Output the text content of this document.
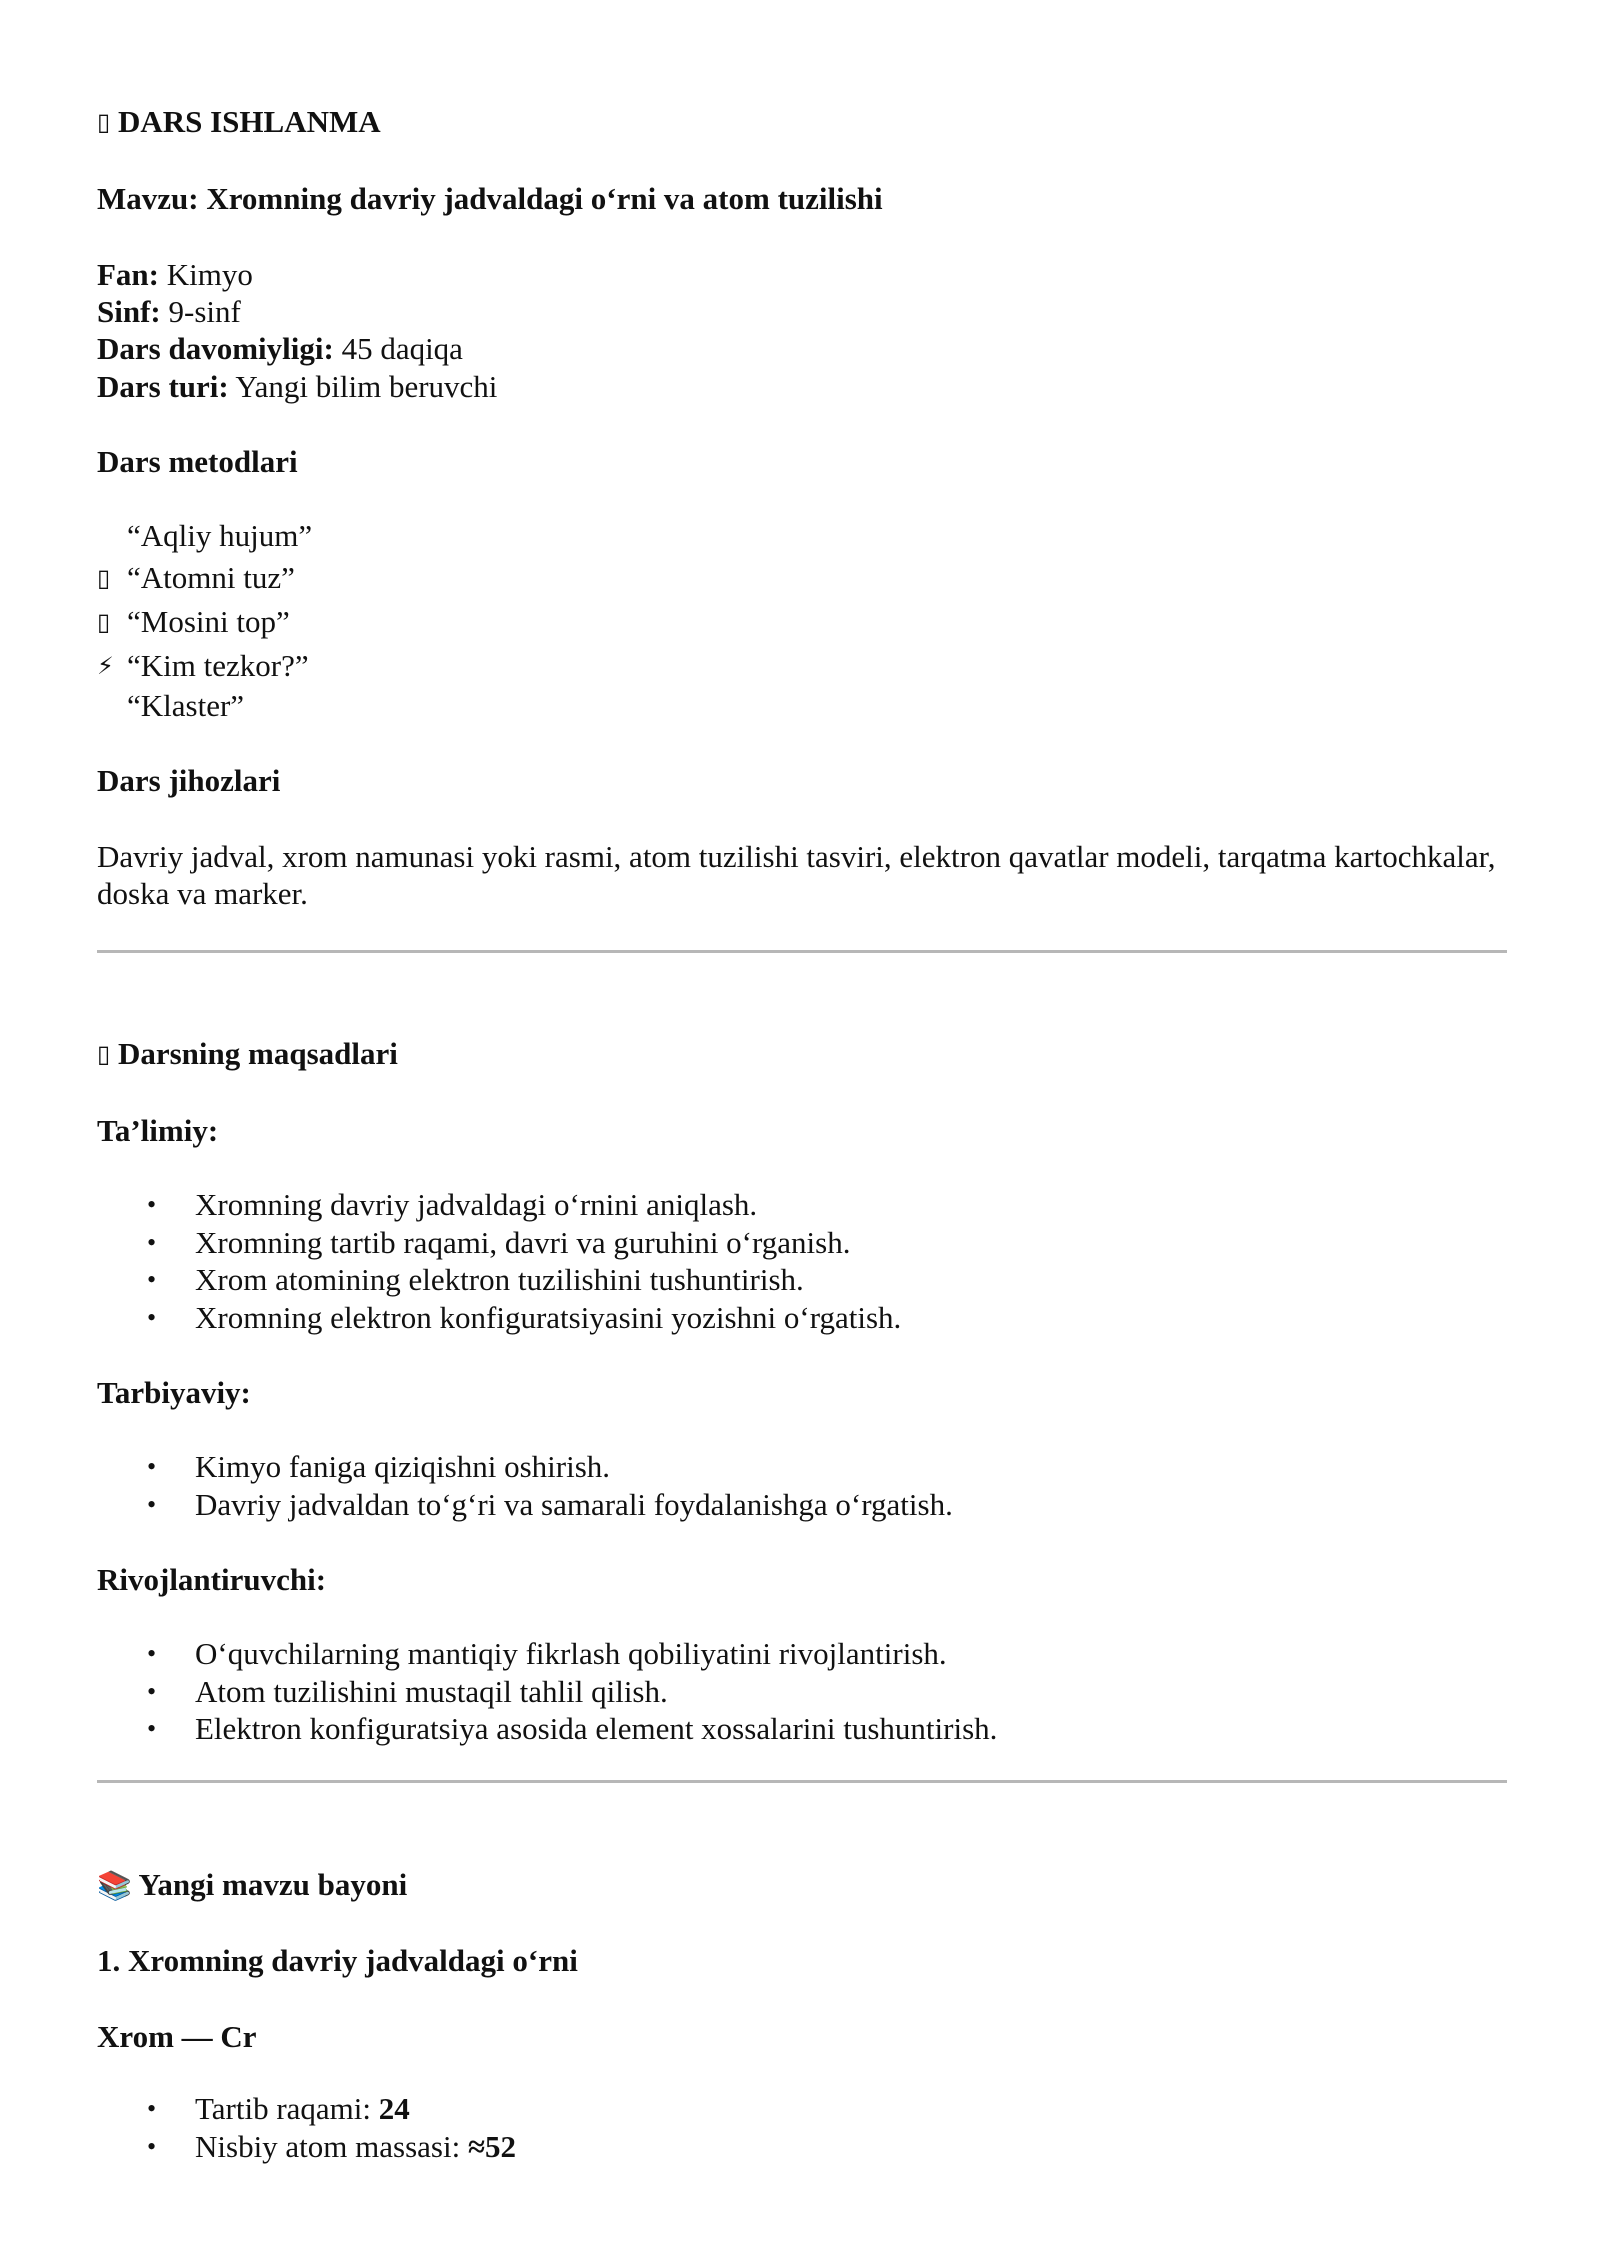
▯ DARS ISHLANMA
Mavzu: Xromning davriy jadvaldagi o‘rni va atom tuzilishi
Fan: Kimyo
Sinf: 9-sinf
Dars davomiyligi: 45 daqiqa
Dars turi: Yangi bilim beruvchi
Dars metodlari
“Aqliy hujum”
▯ “Atomni tuz”
▯ “Mosini top”
⚡ “Kim tezkor?”
“Klaster”
Dars jihozlari
Davriy jadval, xrom namunasi yoki rasmi, atom tuzilishi tasviri, elektron qavatlar modeli, tarqatma kartochkalar, doska va marker.
▯ Darsning maqsadlari
Ta’limiy:
• Xromning davriy jadvaldagi o‘rnini aniqlash.
• Xromning tartib raqami, davri va guruhini o‘rganish.
• Xrom atomining elektron tuzilishini tushuntirish.
• Xromning elektron konfiguratsiyasini yozishni o‘rgatish.
Tarbiyaviy:
• Kimyo faniga qiziqishni oshirish.
• Davriy jadvaldan to‘g‘ri va samarali foydalanishga o‘rgatish.
Rivojlantiruvchi:
• O‘quvchilarning mantiqiy fikrlash qobiliyatini rivojlantirish.
• Atom tuzilishini mustaqil tahlil qilish.
• Elektron konfiguratsiya asosida element xossalarini tushuntirish.
📚 Yangi mavzu bayoni
1. Xromning davriy jadvaldagi o‘rni
Xrom — Cr
• Tartib raqami: 24
• Nisbiy atom massasi: ≈52
